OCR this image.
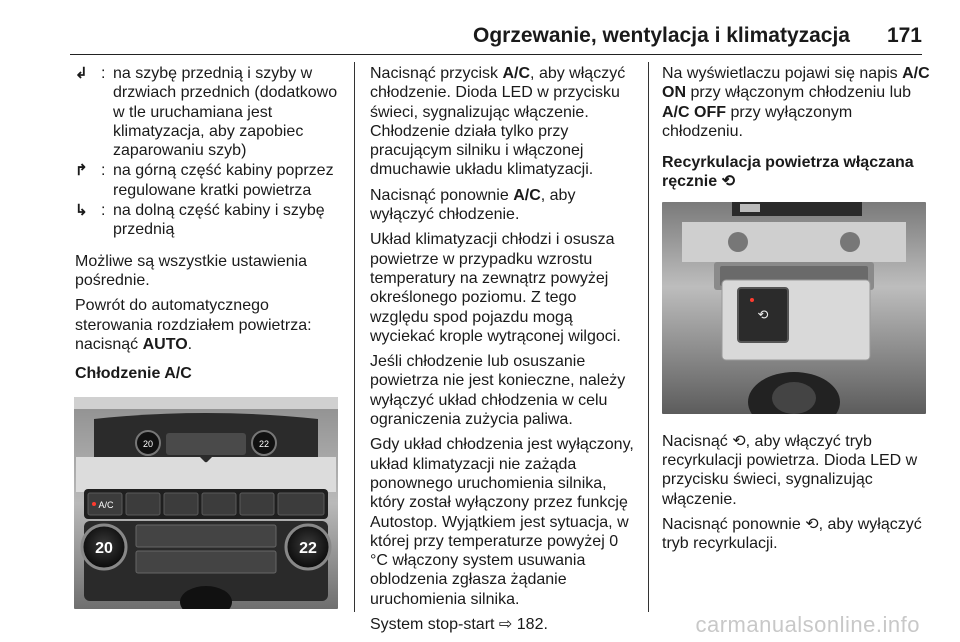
Ogrzewanie, wentylacja i klimatyzacja 171
↲ : na szybę przednią i szyby w drzwiach przednich (dodatkowo w tle uruchamiana jest klimatyzacja, aby zapobiec zaparowaniu szyb)
↱ : na górną część kabiny poprzez regulowane kratki powietrza
↳ : na dolną część kabiny i szybę przednią

Możliwe są wszystkie ustawienia pośrednie.

Powrót do automatycznego sterowania rozdziałem powietrza: nacisnąć AUTO.

Chłodzenie A/C
20	22
A/C
20	22

Nacisnąć przycisk A/C, aby włączyć chłodzenie. Dioda LED w przycisku świeci, sygnalizując włączenie. Chłodzenie działa tylko przy pracującym silniku i włączonej dmuchawie układu klimatyzacji.

Nacisnąć ponownie A/C, aby wyłączyć chłodzenie.

Układ klimatyzacji chłodzi i osusza powietrze w przypadku wzrostu temperatury na zewnątrz powyżej określonego poziomu. Z tego względu spod pojazdu mogą wyciekać krople wytrąconej wilgoci.

Jeśli chłodzenie lub osuszanie powietrza nie jest konieczne, należy wyłączyć układ chłodzenia w celu ograniczenia zużycia paliwa.

Gdy układ chłodzenia jest wyłączony, układ klimatyzacji nie zażąda ponownego uruchomienia silnika, który został wyłączony przez funkcję Autostop. Wyjątkiem jest sytuacja, w której przy temperaturze powyżej 0 °C włączony system usuwania oblodzenia zgłasza żądanie uruchomienia silnika.

System stop-start ⇨ 182.

Na wyświetlaczu pojawi się napis A/C ON przy włączonym chłodzeniu lub A/C OFF przy wyłączonym chłodzeniu.

Recyrkulacja powietrza włączana ręcznie ⟲
⟲

Nacisnąć ⟲, aby włączyć tryb recyrkulacji powietrza. Dioda LED w przycisku świeci, sygnalizując włączenie.

Nacisnąć ponownie ⟲, aby wyłączyć tryb recyrkulacji.

carmanualsonline.info
